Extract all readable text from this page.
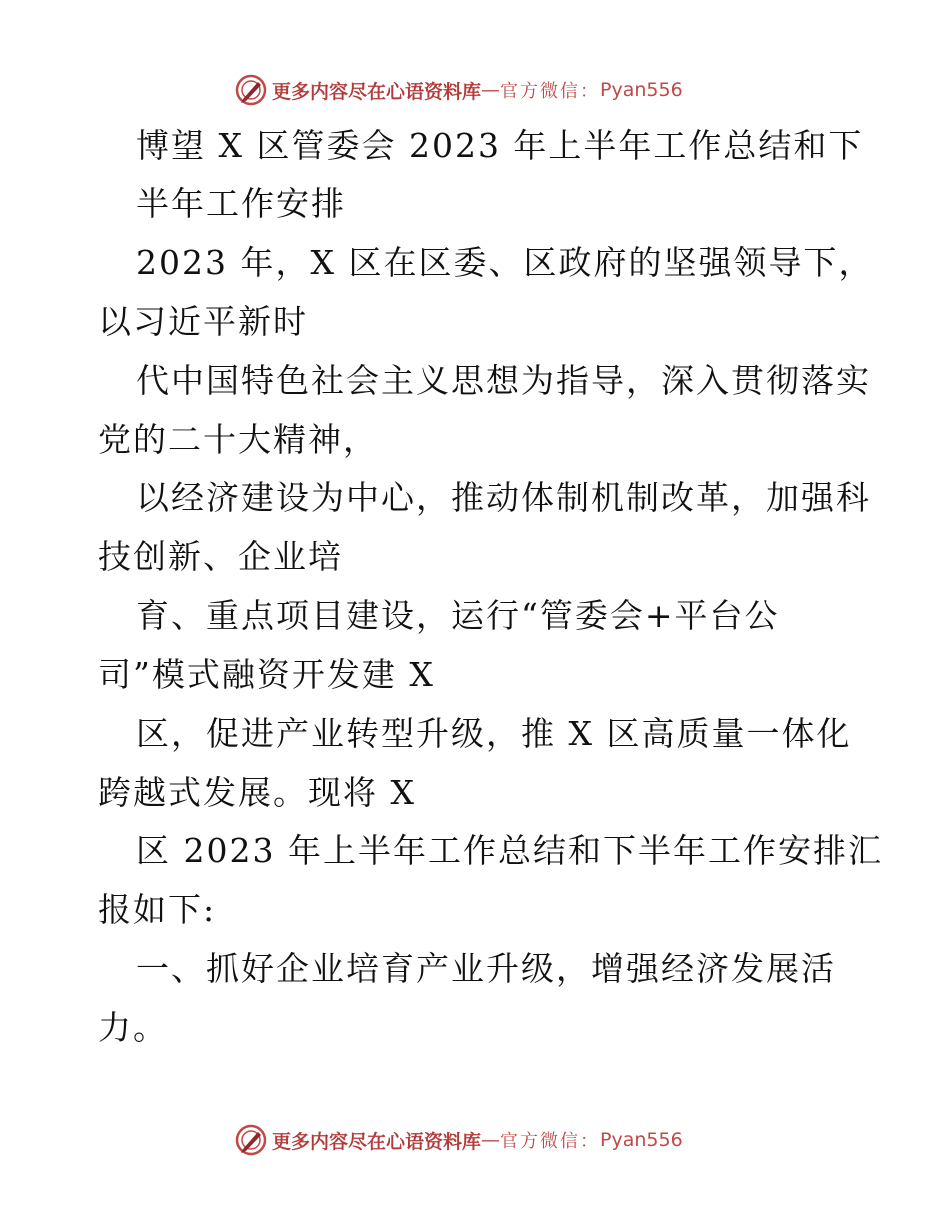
更多内容尽在心语资料库 — 官方微信： Pyan556
博望 X 区管委会 2023 年上半年工作总结和下
半年工作安排
2023 年，X 区在区委、区政府的坚强领导下，
以习近平新时
代中国特色社会主义思想为指导，深入贯彻落实
党的二十大精神，
以经济建设为中心，推动体制机制改革，加强科
技创新、企业培
育、重点项目建设，运行“管委会+平台公
司”模式融资开发建 X
区，促进产业转型升级，推 X 区高质量一体化
跨越式发展。现将 X
区 2023 年上半年工作总结和下半年工作安排汇
报如下:
一、抓好企业培育产业升级，增强经济发展活
力。
更多内容尽在心语资料库 — 官方微信： Pyan556
